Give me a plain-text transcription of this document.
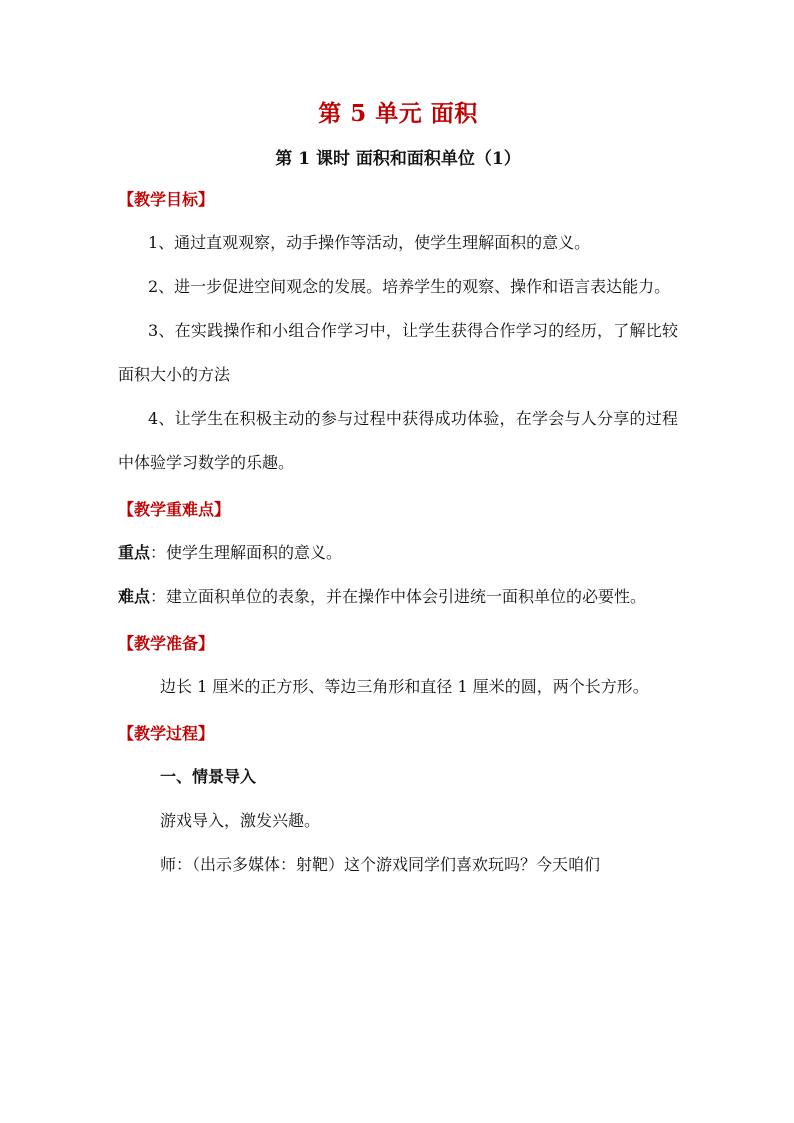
第 5 单元 面积
第 1 课时 面积和面积单位（1）
【教学目标】

1、通过直观观察，动手操作等活动，使学生理解面积的意义。

2、进一步促进空间观念的发展。培养学生的观察、操作和语言表达能力。

3、在实践操作和小组合作学习中，让学生获得合作学习的经历，了解比较面积大小的方法

4、让学生在积极主动的参与过程中获得成功体验，在学会与人分享的过程中体验学习数学的乐趣。

【教学重难点】

重点：使学生理解面积的意义。

难点：建立面积单位的表象，并在操作中体会引进统一面积单位的必要性。

【教学准备】

边长 1 厘米的正方形、等边三角形和直径 1 厘米的圆，两个长方形。

【教学过程】

一、情景导入

游戏导入，激发兴趣。

师：（出示多媒体：射靶）这个游戏同学们喜欢玩吗？今天咱们
